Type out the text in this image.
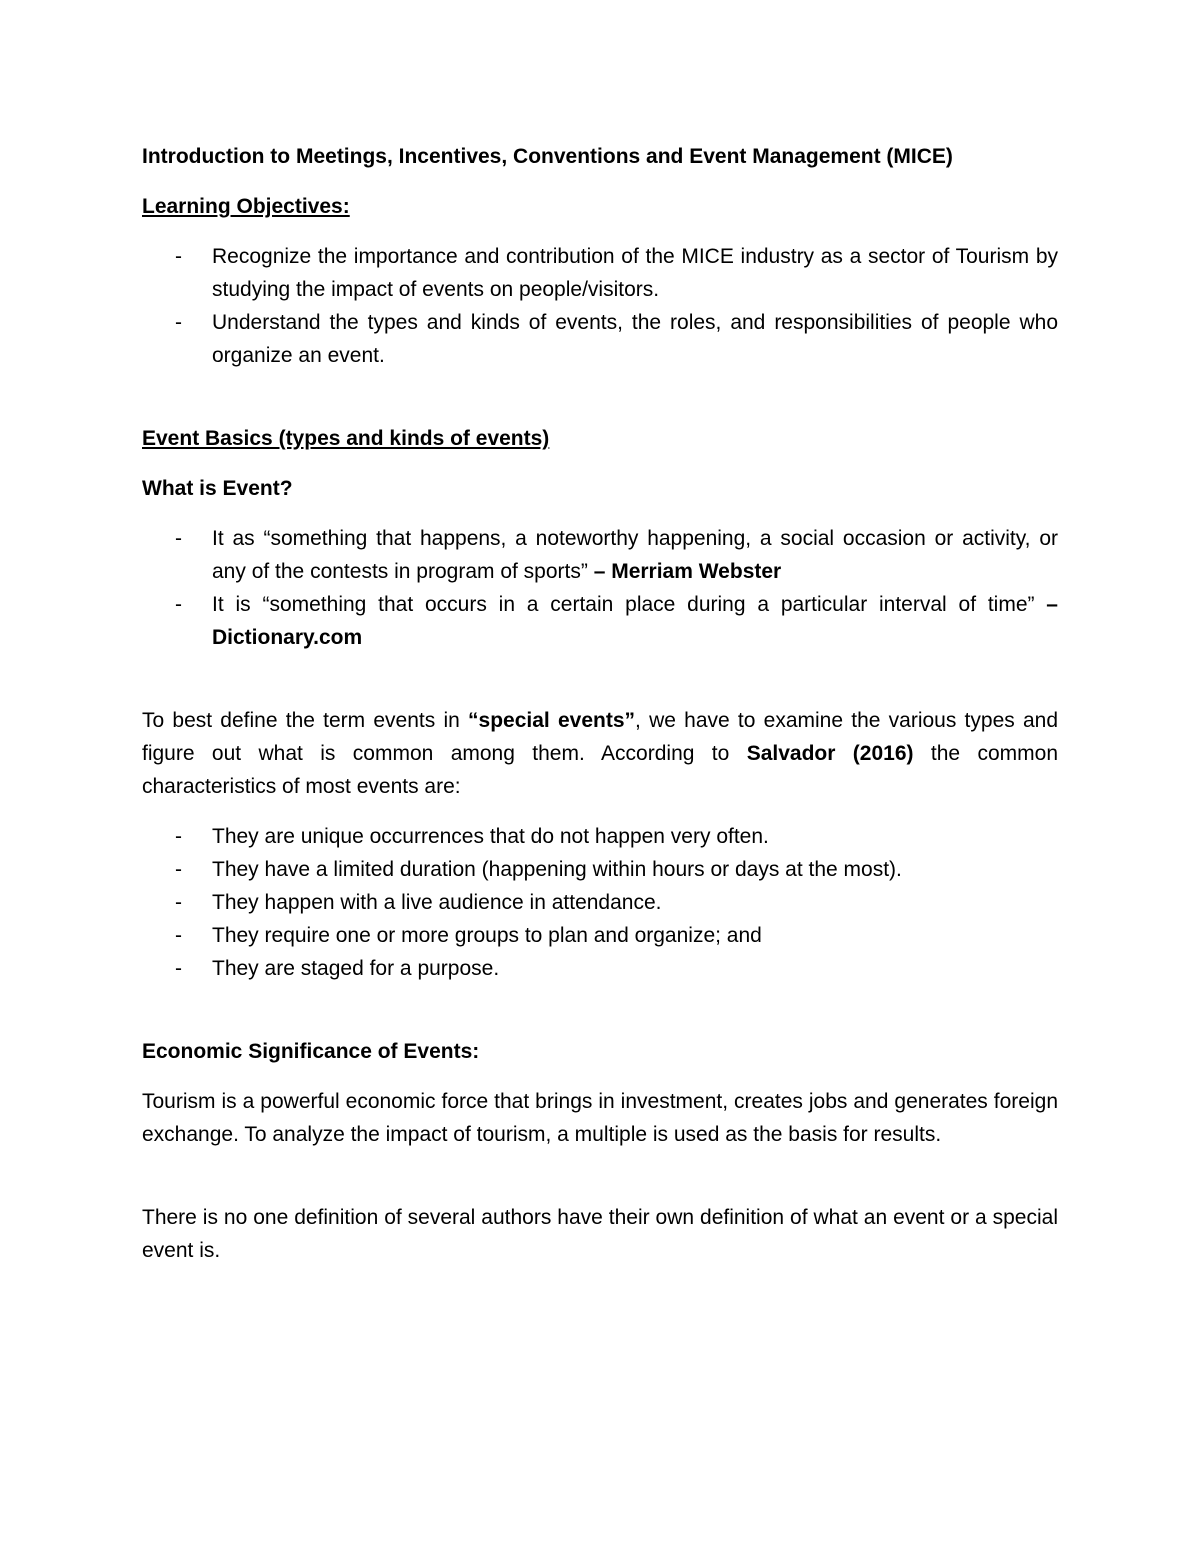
Introduction to Meetings, Incentives, Conventions and Event Management (MICE)

Learning Objectives:

- Recognize the importance and contribution of the MICE industry as a sector of Tourism by studying the impact of events on people/visitors.
- Understand the types and kinds of events, the roles, and responsibilities of people who organize an event.

Event Basics (types and kinds of events)

What is Event?

- It as “something that happens, a noteworthy happening, a social occasion or activity, or any of the contests in program of sports” – Merriam Webster
- It is “something that occurs in a certain place during a particular interval of time” – Dictionary.com

To best define the term events in “special events”, we have to examine the various types and figure out what is common among them. According to Salvador (2016) the common characteristics of most events are:

- They are unique occurrences that do not happen very often.
- They have a limited duration (happening within hours or days at the most).
- They happen with a live audience in attendance.
- They require one or more groups to plan and organize; and
- They are staged for a purpose.

Economic Significance of Events:

Tourism is a powerful economic force that brings in investment, creates jobs and generates foreign exchange. To analyze the impact of tourism, a multiple is used as the basis for results.

There is no one definition of several authors have their own definition of what an event or a special event is.
